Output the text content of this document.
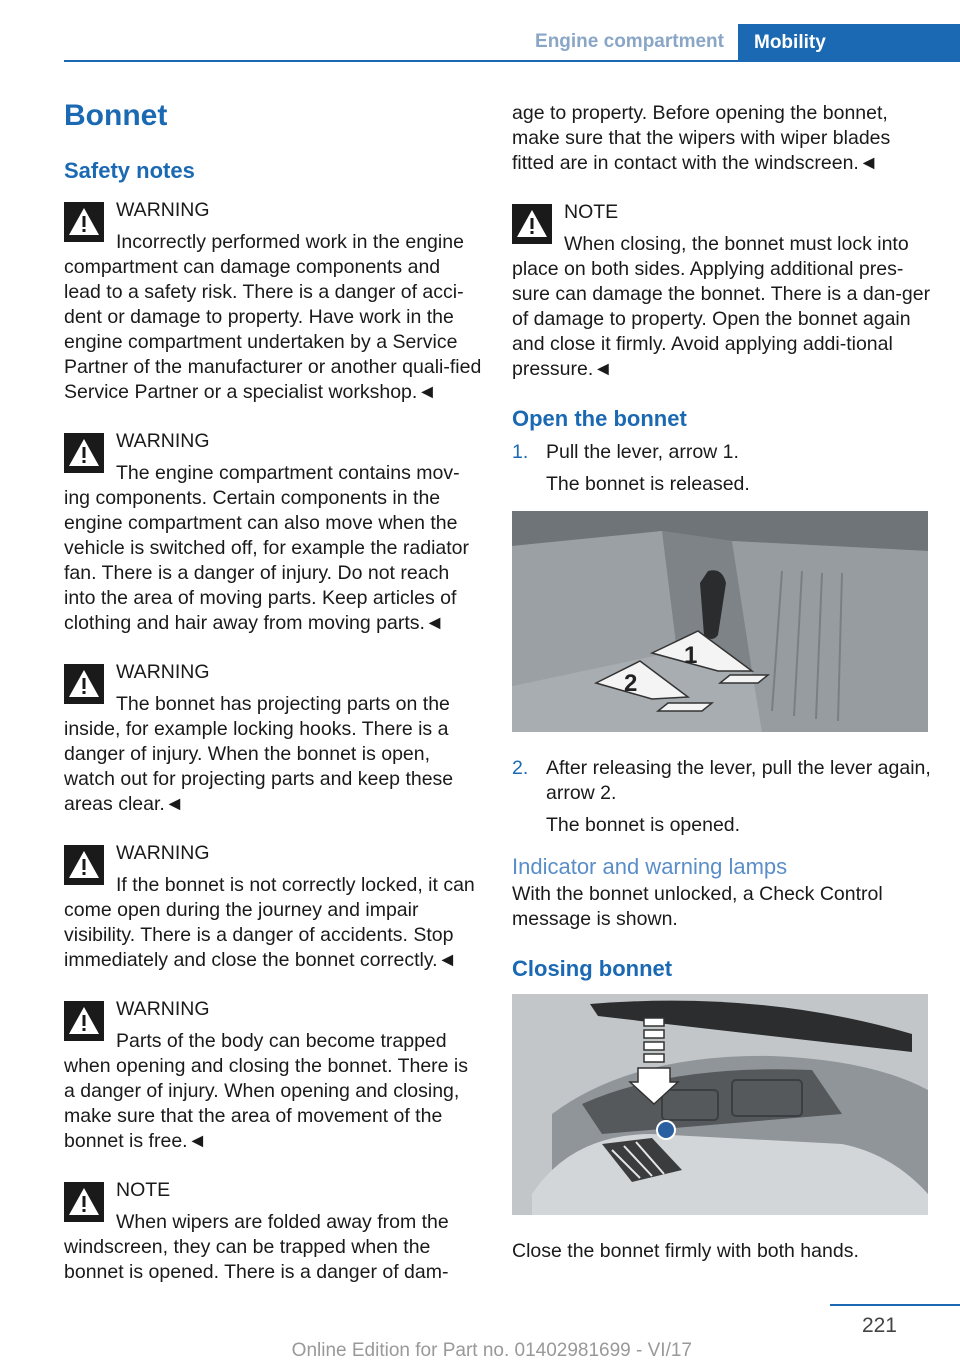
Engine compartment	Mobility
Bonnet
Safety notes
WARNING

Incorrectly performed work in the engine compartment can damage components and lead to a safety risk. There is a danger of acci-dent or damage to property. Have work in the engine compartment undertaken by a Service Partner of the manufacturer or another quali-fied Service Partner or a specialist workshop.◄

WARNING

The engine compartment contains mov-ing components. Certain components in the engine compartment can also move when the vehicle is switched off, for example the radiator fan. There is a danger of injury. Do not reach into the area of moving parts. Keep articles of clothing and hair away from moving parts.◄

WARNING

The bonnet has projecting parts on the inside, for example locking hooks. There is a danger of injury. When the bonnet is open, watch out for projecting parts and keep these areas clear.◄

WARNING

If the bonnet is not correctly locked, it can come open during the journey and impair visibility. There is a danger of accidents. Stop immediately and close the bonnet correctly.◄

WARNING

Parts of the body can become trapped when opening and closing the bonnet. There is a danger of injury. When opening and closing, make sure that the area of movement of the bonnet is free.◄

NOTE

When wipers are folded away from the windscreen, they can be trapped when the bonnet is opened. There is a danger of dam-

age to property. Before opening the bonnet, make sure that the wipers with wiper blades fitted are in contact with the windscreen.◄

NOTE

When closing, the bonnet must lock into place on both sides. Applying additional pres-sure can damage the bonnet. There is a dan-ger of damage to property. Open the bonnet again and close it firmly. Avoid applying addi-tional pressure.◄

Open the bonnet
1. Pull the lever, arrow 1.

The bonnet is released.

1
2
2. After releasing the lever, pull the lever again, arrow 2.

The bonnet is opened.

Indicator and warning lamps

With the bonnet unlocked, a Check Control message is shown.

Closing bonnet

Close the bonnet firmly with both hands.

221
Online Edition for Part no. 01402981699 - VI/17
